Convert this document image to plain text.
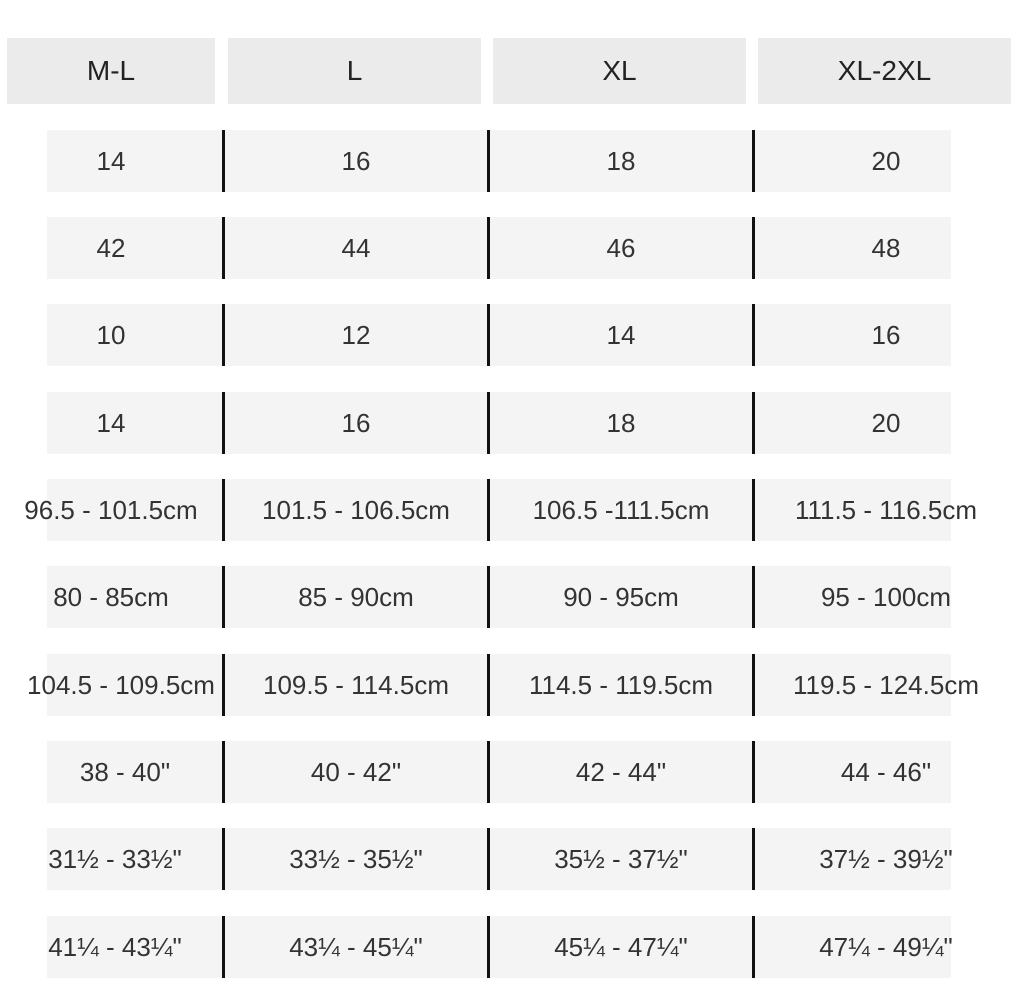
M-L	L	XL	XL-2XL
14	16	18	20
42	44	46	48
10	12	14	16
14	16	18	20
96.5 - 101.5cm	101.5 - 106.5cm	106.5 -111.5cm	111.5 - 116.5cm
80 - 85cm	85 - 90cm	90 - 95cm	95 - 100cm
104.5 - 109.5cm	109.5 - 114.5cm	114.5 - 119.5cm	119.5 - 124.5cm
38 - 40"	40 - 42"	42 - 44"	44 - 46"
31½ - 33½"	33½ - 35½"	35½ - 37½"	37½ - 39½"
41¼ - 43¼"	43¼ - 45¼"	45¼ - 47¼"	47¼ - 49¼"
